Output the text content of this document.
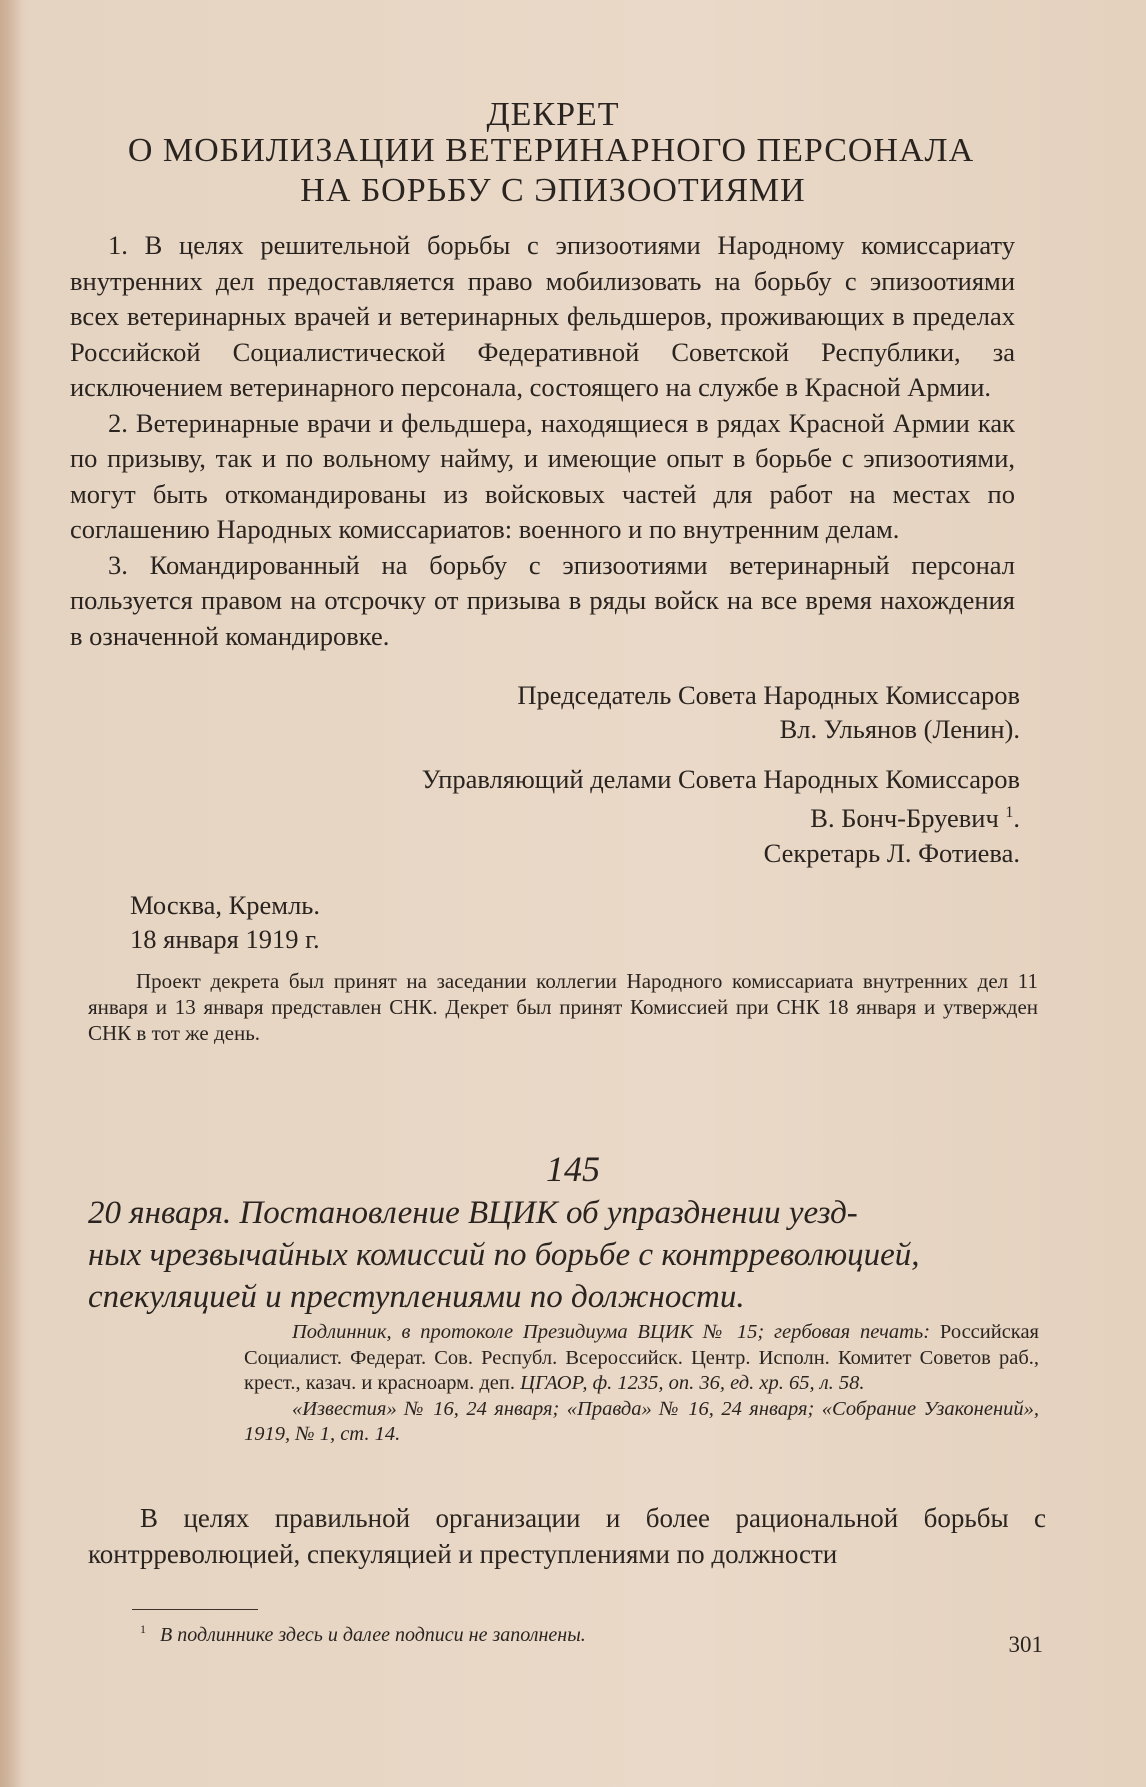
ДЕКРЕТ
О МОБИЛИЗАЦИИ ВЕТЕРИНАРНОГО ПЕРСОНАЛА
НА БОРЬБУ С ЭПИЗООТИЯМИ

1. В целях решительной борьбы с эпизоотиями Народному комиссариату внутренних дел предоставляется право мобилизовать на борьбу с эпизоотиями всех ветеринарных врачей и ветеринарных фельдшеров, проживающих в пределах Российской Социалистической Федеративной Советской Республики, за исключением ветеринарного персонала, состоящего на службе в Красной Армии.

2. Ветеринарные врачи и фельдшера, находящиеся в рядах Красной Армии как по призыву, так и по вольному найму, и имеющие опыт в борьбе с эпизоотиями, могут быть откомандированы из войсковых частей для работ на местах по соглашению Народных комиссариатов: военного и по внутренним делам.

3. Командированный на борьбу с эпизоотиями ветеринарный персонал пользуется правом на отсрочку от призыва в ряды войск на все время нахождения в означенной командировке.

Председатель Совета Народных Комиссаров
Вл. Ульянов (Ленин).
Управляющий делами Совета Народных Комиссаров
В. Бонч-Бруевич $^1$.
Секретарь Л. Фотиева.
Москва, Кремль.
18 января 1919 г.

Проект декрета был принят на заседании коллегии Народного комиссариата внутренних дел 11 января и 13 января представлен СНК. Декрет был принят Комиссией при СНК 18 января и утвержден СНК в тот же день.

145
20 января. Постановление ВЦИК об упразднении уезд-
ных чрезвычайных комиссий по борьбе с контрреволюцией,
спекуляцией и преступлениями по должности.

Подлинник, в протоколе Президиума ВЦИК № 15; гербовая печать: Российская Социалист. Федерат. Сов. Республ. Всероссийск. Центр. Исполн. Комитет Советов раб., крест., казач. и красноарм. деп. ЦГАОР, ф. 1235, оп. 36, ед. хр. 65, л. 58.

«Известия» № 16, 24 января; «Правда» № 16, 24 января; «Собрание Узаконений», 1919, № 1, ст. 14.

В целях правильной организации и более рациональной борьбы с контрреволюцией, спекуляцией и преступлениями по должности

$^1$ В подлиннике здесь и далее подписи не заполнены.	301
